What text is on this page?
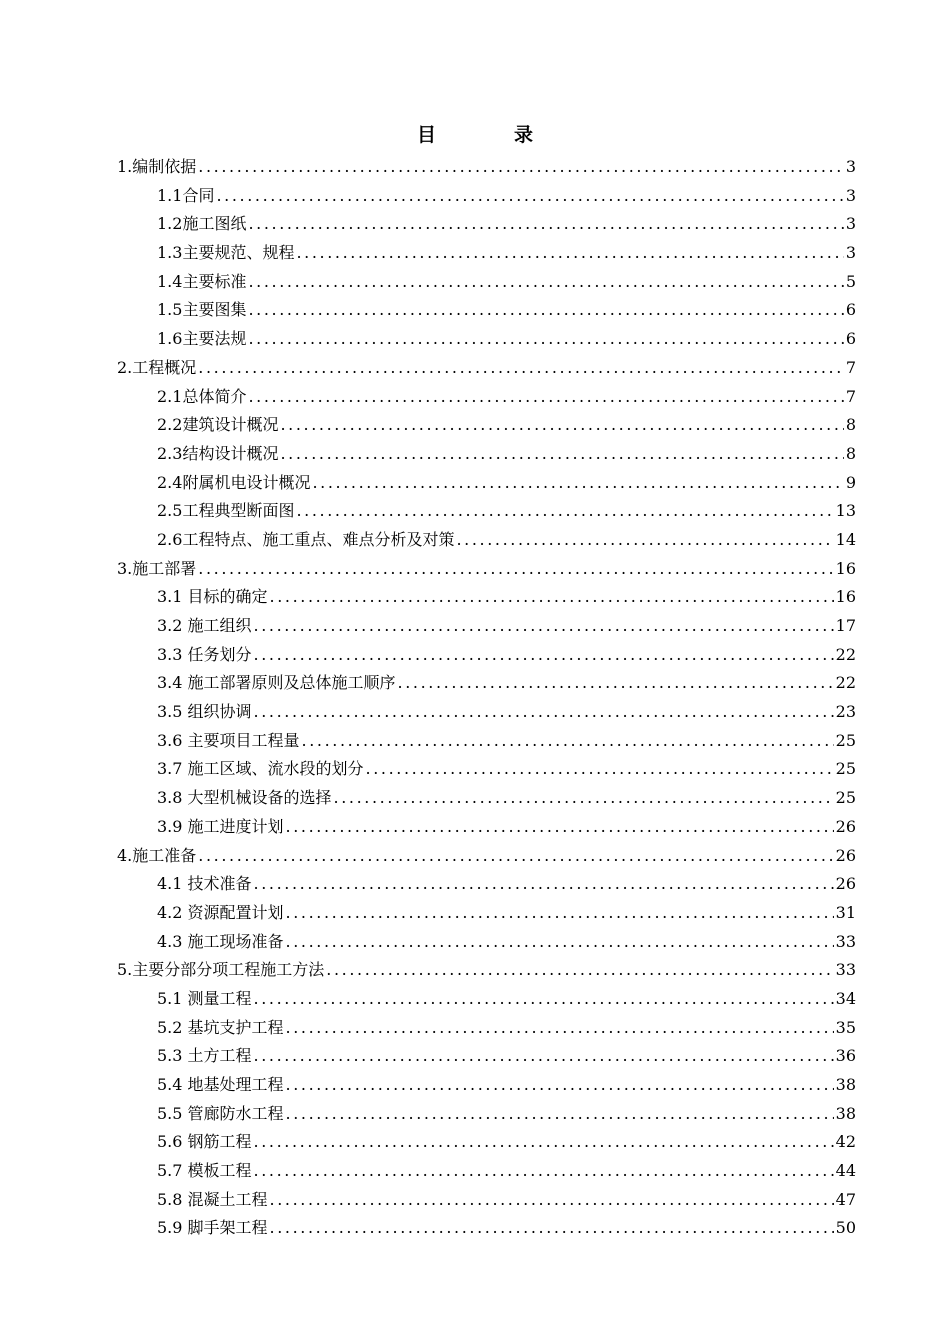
目	录
1.编制依据 .....	3
1.1合同 .....	3
1.2施工图纸 .....	3
1.3主要规范、规程 .....	3
1.4主要标准 .....	5
1.5主要图集 .....	6
1.6主要法规 .....	6
2.工程概况 .....	7
2.1总体简介 .....	7
2.2建筑设计概况 .....	8
2.3结构设计概况 .....	8
2.4附属机电设计概况 .....	9
2.5工程典型断面图 .....	13
2.6工程特点、施工重点、难点分析及对策 .....	14
3.施工部署 .....	16
3.1 目标的确定 .....	16
3.2 施工组织 .....	17
3.3 任务划分 .....	22
3.4 施工部署原则及总体施工顺序 .....	22
3.5 组织协调 .....	23
3.6 主要项目工程量 .....	25
3.7 施工区域、流水段的划分 .....	25
3.8 大型机械设备的选择 .....	25
3.9 施工进度计划 .....	26
4.施工准备 .....	26
4.1 技术准备 .....	26
4.2 资源配置计划 .....	31
4.3 施工现场准备 .....	33
5.主要分部分项工程施工方法 .....	33
5.1 测量工程 .....	34
5.2 基坑支护工程 .....	35
5.3 土方工程 .....	36
5.4 地基处理工程 .....	38
5.5 管廊防水工程 .....	38
5.6 钢筋工程 .....	42
5.7 模板工程 .....	44
5.8 混凝土工程 .....	47
5.9 脚手架工程 .....	50
